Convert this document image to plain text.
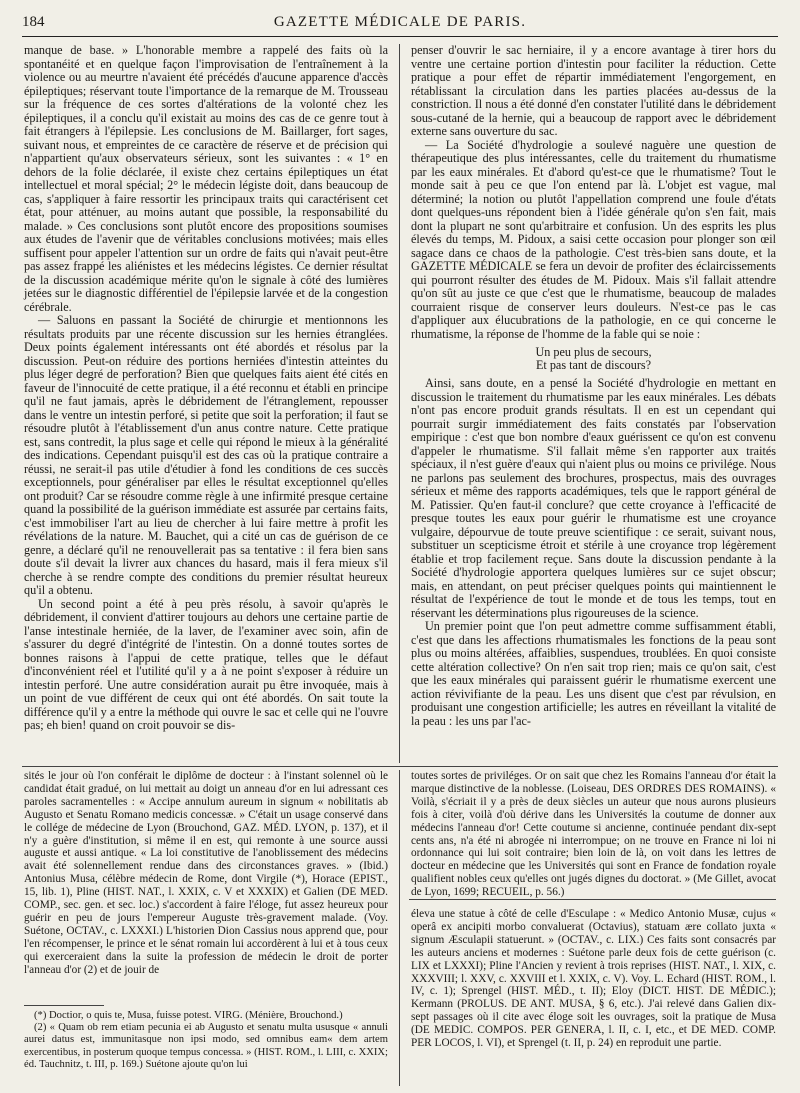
184	GAZETTE MÉDICALE DE PARIS.

manque de base. » L'honorable membre a rappelé des faits où la spontanéité et en quelque façon l'improvisation de l'entraînement à la violence ou au meurtre n'avaient été précédés d'aucune apparence d'accès épileptiques; réservant toute l'importance de la remarque de M. Trousseau sur la fréquence de ces sortes d'altérations de la volonté chez les épileptiques, il a conclu qu'il existait au moins des cas de ce genre tout à fait étrangers à l'épilepsie. Les conclusions de M. Baillarger, fort sages, suivant nous, et empreintes de ce caractère de réserve et de précision qui n'appartient qu'aux observateurs sérieux, sont les suivantes : « 1° en dehors de la folie déclarée, il existe chez certains épileptiques un état intellectuel et moral spécial; 2° le médecin légiste doit, dans beaucoup de cas, s'appliquer à faire ressortir les principaux traits qui caractérisent cet état, pour atténuer, au moins autant que possible, la responsabilité du malade. » Ces conclusions sont plutôt encore des propositions soumises aux études de l'avenir que de véritables conclusions motivées; mais elles suffisent pour appeler l'attention sur un ordre de faits qui n'avait peut-être pas assez frappé les aliénistes et les médecins légistes. Ce dernier résultat de la discussion académique mérite qu'on le signale à côté des lumières jetées sur le diagnostic différentiel de l'épilepsie larvée et de la congestion cérébrale.

— Saluons en passant la Société de chirurgie et mentionnons les résultats produits par une récente discussion sur les hernies étranglées. Deux points également intéressants ont été abordés et résolus par la discussion. Peut-on réduire des portions herniées d'intestin atteintes du plus léger degré de perforation? Bien que quelques faits aient été cités en faveur de l'innocuité de cette pratique, il a été reconnu et établi en principe qu'il ne faut jamais, après le débridement de l'étranglement, repousser dans le ventre un intestin perforé, si petite que soit la perforation; il faut se résoudre plutôt à l'établissement d'un anus contre nature. Cette pratique est, sans contredit, la plus sage et celle qui répond le mieux à la généralité des indications. Cependant puisqu'il est des cas où la pratique contraire a réussi, ne serait-il pas utile d'étudier à fond les conditions de ces succès exceptionnels, pour généraliser par elles le résultat exceptionnel qu'elles ont produit? Car se résoudre comme règle à une infirmité presque certaine quand la possibilité de la guérison immédiate est assurée par certains faits, c'est immobiliser l'art au lieu de chercher à lui faire mettre à profit les révélations de la nature. M. Bauchet, qui a cité un cas de guérison de ce genre, a déclaré qu'il ne renouvellerait pas sa tentative : il fera bien sans doute s'il devait la livrer aux chances du hasard, mais il fera mieux s'il cherche à se rendre compte des conditions du premier résultat heureux qu'il a obtenu.

Un second point a été à peu près résolu, à savoir qu'après le débridement, il convient d'attirer toujours au dehors une certaine partie de l'anse intestinale herniée, de la laver, de l'examiner avec soin, afin de s'assurer du degré d'intégrité de l'intestin. On a donné toutes sortes de bonnes raisons à l'appui de cette pratique, telles que le défaut d'inconvénient réel et l'utilité qu'il y a à ne point s'exposer à réduire un intestin perforé. Une autre considération aurait pu être invoquée, mais à un point de vue différent de ceux qui ont été abordés. On sait toute la différence qu'il y a entre la méthode qui ouvre le sac et celle qui ne l'ouvre pas; eh bien! quand on croit pouvoir se dis-

penser d'ouvrir le sac herniaire, il y a encore avantage à tirer hors du ventre une certaine portion d'intestin pour faciliter la réduction. Cette pratique a pour effet de répartir immédiatement l'engorgement, en rétablissant la circulation dans les parties placées au-dessus de la constriction. Il nous a été donné d'en constater l'utilité dans le débridement sous-cutané de la hernie, qui a beaucoup de rapport avec le débridement externe sans ouverture du sac.

— La Société d'hydrologie a soulevé naguère une question de thérapeutique des plus intéressantes, celle du traitement du rhumatisme par les eaux minérales. Et d'abord qu'est-ce que le rhumatisme? Tout le monde sait à peu ce que l'on entend par là. L'objet est vague, mal déterminé; la notion ou plutôt l'appellation comprend une foule d'états dont quelques-uns répondent bien à l'idée générale qu'on s'en fait, mais dont la plupart ne sont qu'arbitraire et confusion. Un des esprits les plus élevés du temps, M. Pidoux, a saisi cette occasion pour plonger son œil sagace dans ce chaos de la pathologie. C'est très-bien sans doute, et la GAZETTE MÉDICALE se fera un devoir de profiter des éclaircissements qui pourront résulter des études de M. Pidoux. Mais s'il fallait attendre qu'on sût au juste ce que c'est que le rhumatisme, beaucoup de malades courraient risque de conserver leurs douleurs. N'est-ce pas le cas d'appliquer aux élucubrations de la pathologie, en ce qui concerne le rhumatisme, la réponse de l'homme de la fable qui se noie :

Un peu plus de secours,
Et pas tant de discours?

Ainsi, sans doute, en a pensé la Société d'hydrologie en mettant en discussion le traitement du rhumatisme par les eaux minérales. Les débats n'ont pas encore produit grands résultats. Il en est un cependant qui pourrait surgir immédiatement des faits constatés par l'observation empirique : c'est que bon nombre d'eaux guérissent ce qu'on est convenu d'appeler le rhumatisme. S'il fallait même s'en rapporter aux traités spéciaux, il n'est guère d'eaux qui n'aient plus ou moins ce privilége. Nous ne parlons pas seulement des brochures, prospectus, mais des ouvrages sérieux et même des rapports académiques, tels que le rapport général de M. Patissier. Qu'en faut-il conclure? que cette croyance à l'efficacité de presque toutes les eaux pour guérir le rhumatisme est une croyance vulgaire, dépourvue de toute preuve scientifique : ce serait, suivant nous, substituer un scepticisme étroit et stérile à une croyance trop légèrement établie et trop facilement reçue. Sans doute la discussion pendante à la Société d'hydrologie apportera quelques lumières sur ce sujet obscur; mais, en attendant, on peut préciser quelques points qui maintiennent le résultat de l'expérience de tout le monde et de tous les temps, tout en réservant les déterminations plus rigoureuses de la science.

Un premier point que l'on peut admettre comme suffisamment établi, c'est que dans les affections rhumatismales les fonctions de la peau sont plus ou moins altérées, affaiblies, suspendues, troublées. En quoi consiste cette altération collective? On n'en sait trop rien; mais ce qu'on sait, c'est que les eaux minérales qui paraissent guérir le rhumatisme exercent une action révivifiante de la peau. Les uns disent que c'est par révulsion, en produisant une congestion artificielle; les autres en réveillant la vitalité de la peau : les uns par l'ac-

sités le jour où l'on conférait le diplôme de docteur : à l'instant solennel où le candidat était gradué, on lui mettait au doigt un anneau d'or en lui adressant ces paroles sacramentelles : « Accipe annulum aureum in signum « nobilitatis ab Augusto et Senatu Romano medicis concessæ. » C'était un usage conservé dans le collége de médecine de Lyon (Brouchond, GAZ. MÉD. LYON, p. 137), et il n'y a guère d'institution, si même il en est, qui remonte à une source aussi auguste et aussi antique. « La loi constitutive de l'anoblissement des médecins avait été solennellement rendue dans des circonstances graves. » (Ibid.) Antonius Musa, célèbre médecin de Rome, dont Virgile (*), Horace (EPIST., 15, lib. 1), Pline (HIST. NAT., l. XXIX, c. V et XXXIX) et Galien (DE MED. COMP., sec. gen. et sec. loc.) s'accordent à faire l'éloge, fut assez heureux pour guérir en peu de jours l'empereur Auguste très-gravement malade. (Voy. Suétone, OCTAV., c. LXXXI.) L'historien Dion Cassius nous apprend que, pour l'en récompenser, le prince et le sénat romain lui accordèrent à lui et à tous ceux qui exerceraient dans la suite la profession de médecin le droit de porter l'anneau d'or (2) et de jouir de

toutes sortes de priviléges. Or on sait que chez les Romains l'anneau d'or était la marque distinctive de la noblesse. (Loiseau, DES ORDRES DES ROMAINS). « Voilà, s'écriait il y a près de deux siècles un auteur que nous aurons plusieurs fois à citer, voilà d'où dérive dans les Universités la coutume de donner aux médecins l'anneau d'or! Cette coutume si ancienne, continuée pendant dix-sept cents ans, n'a été ni abrogée ni interrompue; on ne trouve en France ni loi ni ordonnance qui lui soit contraire; bien loin de là, on voit dans les lettres de docteur en médecine que les Universités qui sont en France de fondation royale qualifient nobles ceux qu'elles ont jugés dignes du doctorat. » (Me Gillet, avocat de Lyon, 1699; RECUEIL, p. 56.)

éleva une statue à côté de celle d'Esculape : « Medico Antonio Musæ, cujus « operâ ex ancipiti morbo convaluerat (Octavius), statuam ære collato juxta « signum Æsculapii statuerunt. » (OCTAV., c. LIX.) Ces faits sont consacrés par les auteurs anciens et modernes : Suétone parle deux fois de cette guérison (c. LIX et LXXXI); Pline l'Ancien y revient à trois reprises (HIST. NAT., l. XIX, c. XXXVIII; l. XXV, c. XXVIII et l. XXIX, c. V). Voy. L. Echard (HIST. ROM., l. IV, c. 1); Sprengel (HIST. MÉD., t. II); Eloy (DICT. HIST. DE MÉDIC.); Kermann (PROLUS. DE ANT. MUSA, § 6, etc.). J'ai relevé dans Galien dix-sept passages où il cite avec éloge soit les ouvrages, soit la pratique de Musa (DE MEDIC. COMPOS. PER GENERA, l. II, c. I, etc., et DE MED. COMP. PER LOCOS, l. VI), et Sprengel (t. II, p. 24) en reproduit une partie.

(*) Doctior, o quis te, Musa, fuisse potest. VIRG. (Ménière, Brouchond.)

(2) « Quam ob rem etiam pecunia ei ab Augusto et senatu multa ususque « annuli aurei datus est, immunitasque non ipsi modo, sed omnibus eam« dem artem exercentibus, in posterum quoque tempus concessa. » (HIST. ROM., l. LIII, c. XXIX; éd. Tauchnitz, t. III, p. 169.) Suétone ajoute qu'on lui
